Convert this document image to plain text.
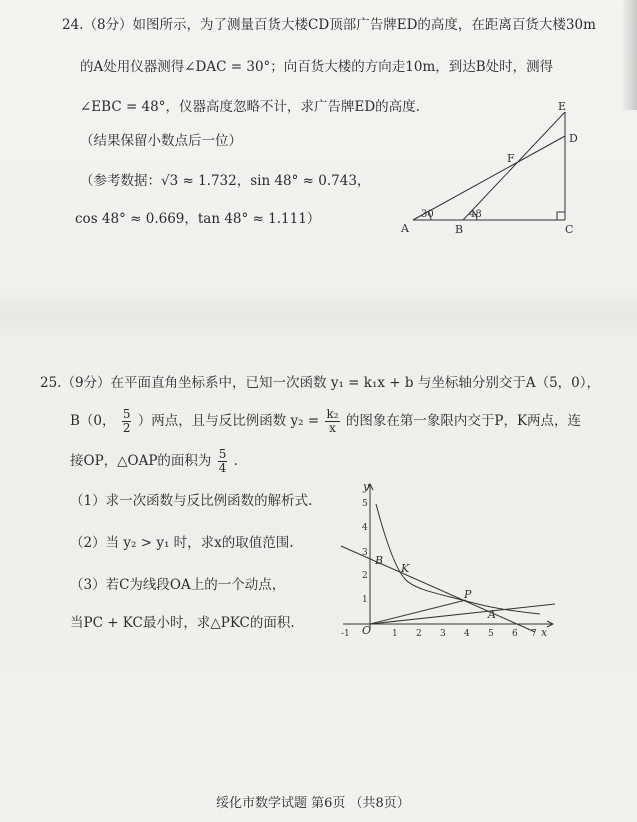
24.（8分）如图所示，为了测量百货大楼CD顶部广告牌ED的高度，在距离百货大楼30m
的A处用仪器测得∠DAC = 30°；向百货大楼的方向走10m，到达B处时，测得
∠EBC = 48°，仪器高度忽略不计，求广告牌ED的高度.
（结果保留小数点后一位）
（参考数据：√3 ≈ 1.732，sin 48° ≈ 0.743，
cos 48° ≈ 0.669，tan 48° ≈ 1.111）
E
D
F
A	B	C
30	48
25.（9分）在平面直角坐标系中，已知一次函数 y₁ = k₁x + b 与坐标轴分别交于A（5，0），
B（0， $\frac{5}{2}$ ）两点，且与反比例函数 $y_2 = \frac{\text{k₂}}{x}$ 的图象在第一象限内交于P，K两点，连
接OP，△OAP的面积为 $\frac{5}{4}$ .
（1）求一次函数与反比例函数的解析式.
（2）当 y₂ > y₁ 时，求x的取值范围.
（3）若C为线段OA上的一个动点，
当PC + KC最小时，求△PKC的面积.
5
4
3
2
1
-1	1 2 3 4 5 6 7
y
x
O
B
K
P
A
绥化市数学试题 第6页 （共8页）
